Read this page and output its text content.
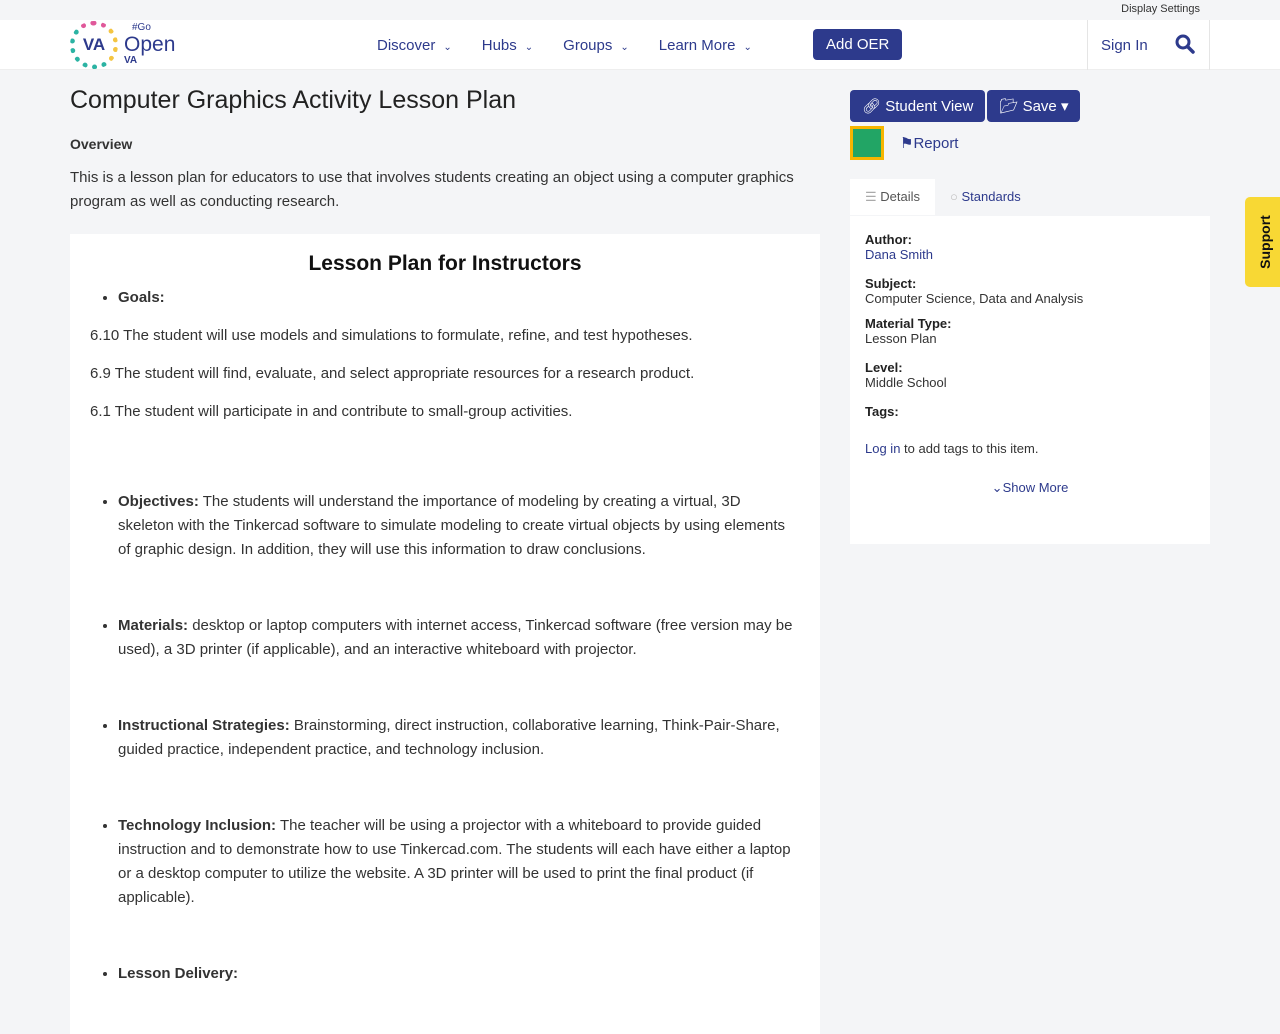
Display Settings
VA
#Go
Open
VA
Discover ⌄ Hubs ⌄ Groups ⌄ Learn More ⌄	Add OER	Sign In
Computer Graphics Activity Lesson Plan
Overview
This is a lesson plan for educators to use that involves students creating an object using a computer graphics program as well as conducting research.
Lesson Plan for Instructors
• Goals:

6.10 The student will use models and simulations to formulate, refine, and test hypotheses.

6.9 The student will find, evaluate, and select appropriate resources for a research product.

6.1 The student will participate in and contribute to small-group activities.

• Objectives: The students will understand the importance of modeling by creating a virtual, 3D skeleton with the Tinkercad software to simulate modeling to create virtual objects by using elements of graphic design. In addition, they will use this information to draw conclusions.
• Materials: desktop or laptop computers with internet access, Tinkercad software (free version may be used), a 3D printer (if applicable), and an interactive whiteboard with projector.
• Instructional Strategies: Brainstorming, direct instruction, collaborative learning, Think-Pair-Share, guided practice, independent practice, and technology inclusion.
• Technology Inclusion: The teacher will be using a projector with a whiteboard to provide guided instruction and to demonstrate how to use Tinkercad.com. The students will each have either a laptop or a desktop computer to utilize the website. A 3D printer will be used to print the final product (if applicable).
• Lesson Delivery:
🔗︎ Student View 📂︎ Save ▾
⚑Report
☰ Details	○ Standards
Author:
Dana Smith
Subject:
Computer Science, Data and Analysis
Material Type:
Lesson Plan
Level:
Middle School
Tags:
Log in to add tags to this item.
⌄Show More
Support
